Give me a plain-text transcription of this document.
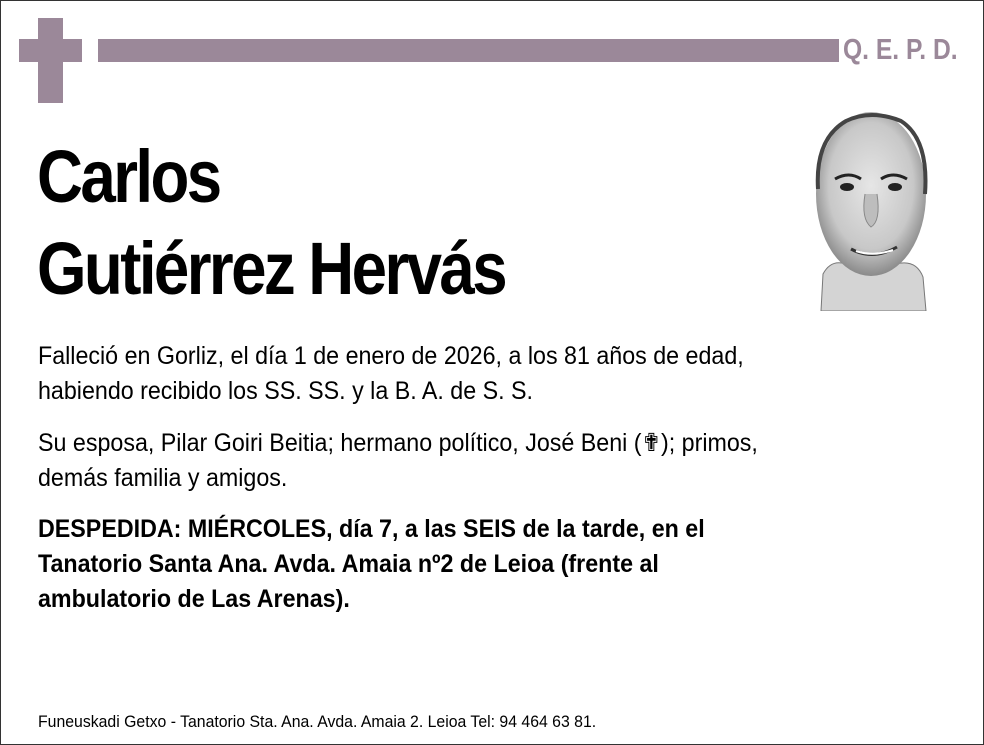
Q. E. P. D.
Carlos
Gutiérrez Hervás
Falleció en Gorliz, el día 1 de enero de 2026, a los 81 años de edad,
habiendo recibido los SS. SS. y la B. A. de S. S.
Su esposa, Pilar Goiri Beitia; hermano político, José Beni (✟); primos,
demás familia y amigos.
DESPEDIDA: MIÉRCOLES, día 7, a las SEIS de la tarde, en el
Tanatorio Santa Ana. Avda. Amaia nº2 de Leioa (frente al
ambulatorio de Las Arenas).
Funeuskadi Getxo - Tanatorio Sta. Ana. Avda. Amaia 2. Leioa Tel: 94 464 63 81.
